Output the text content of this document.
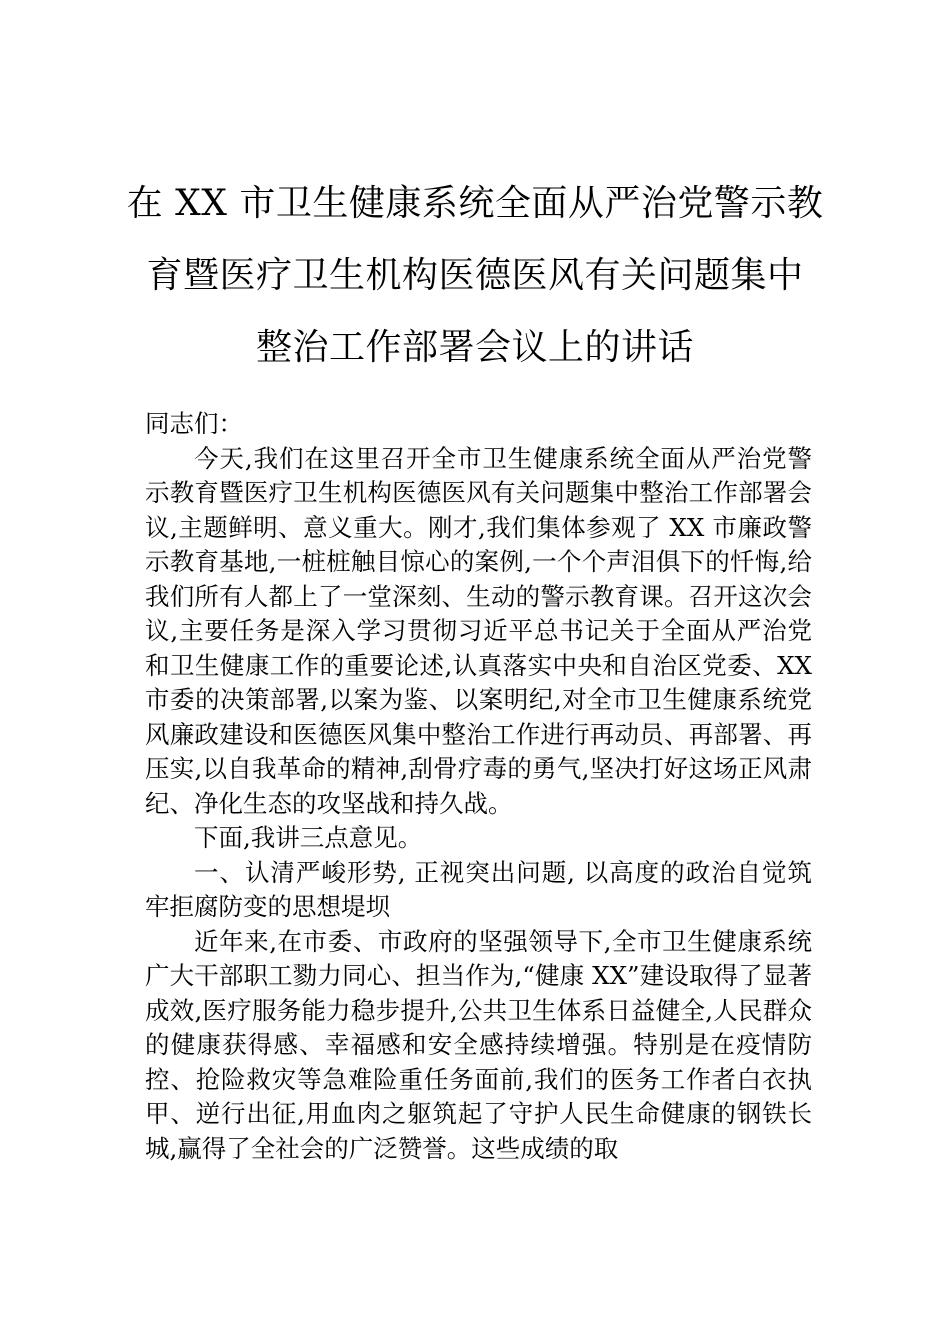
在 XX 市卫生健康系统全面从严治党警示教
育暨医疗卫生机构医德医风有关问题集中
整治工作部署会议上的讲话

同志们：

今天,我们在这里召开全市卫生健康系统全面从严治党警示教育暨医疗卫生机构医德医风有关问题集中整治工作部署会议,主题鲜明、意义重大。刚才,我们集体参观了 XX 市廉政警示教育基地,一桩桩触目惊心的案例,一个个声泪俱下的忏悔,给我们所有人都上了一堂深刻、生动的警示教育课。召开这次会议,主要任务是深入学习贯彻习近平总书记关于全面从严治党和卫生健康工作的重要论述,认真落实中央和自治区党委、XX 市委的决策部署,以案为鉴、以案明纪,对全市卫生健康系统党风廉政建设和医德医风集中整治工作进行再动员、再部署、再压实,以自我革命的精神,刮骨疗毒的勇气,坚决打好这场正风肃纪、净化生态的攻坚战和持久战。

下面,我讲三点意见。

一、认清严峻形势, 正视突出问题, 以高度的政治自觉筑牢拒腐防变的思想堤坝

近年来,在市委、市政府的坚强领导下,全市卫生健康系统广大干部职工勠力同心、担当作为,“健康 XX”建设取得了显著成效,医疗服务能力稳步提升,公共卫生体系日益健全,人民群众的健康获得感、幸福感和安全感持续增强。特别是在疫情防控、抢险救灾等急难险重任务面前,我们的医务工作者白衣执甲、逆行出征,用血肉之躯筑起了守护人民生命健康的钢铁长城,赢得了全社会的广泛赞誉。这些成绩的取
